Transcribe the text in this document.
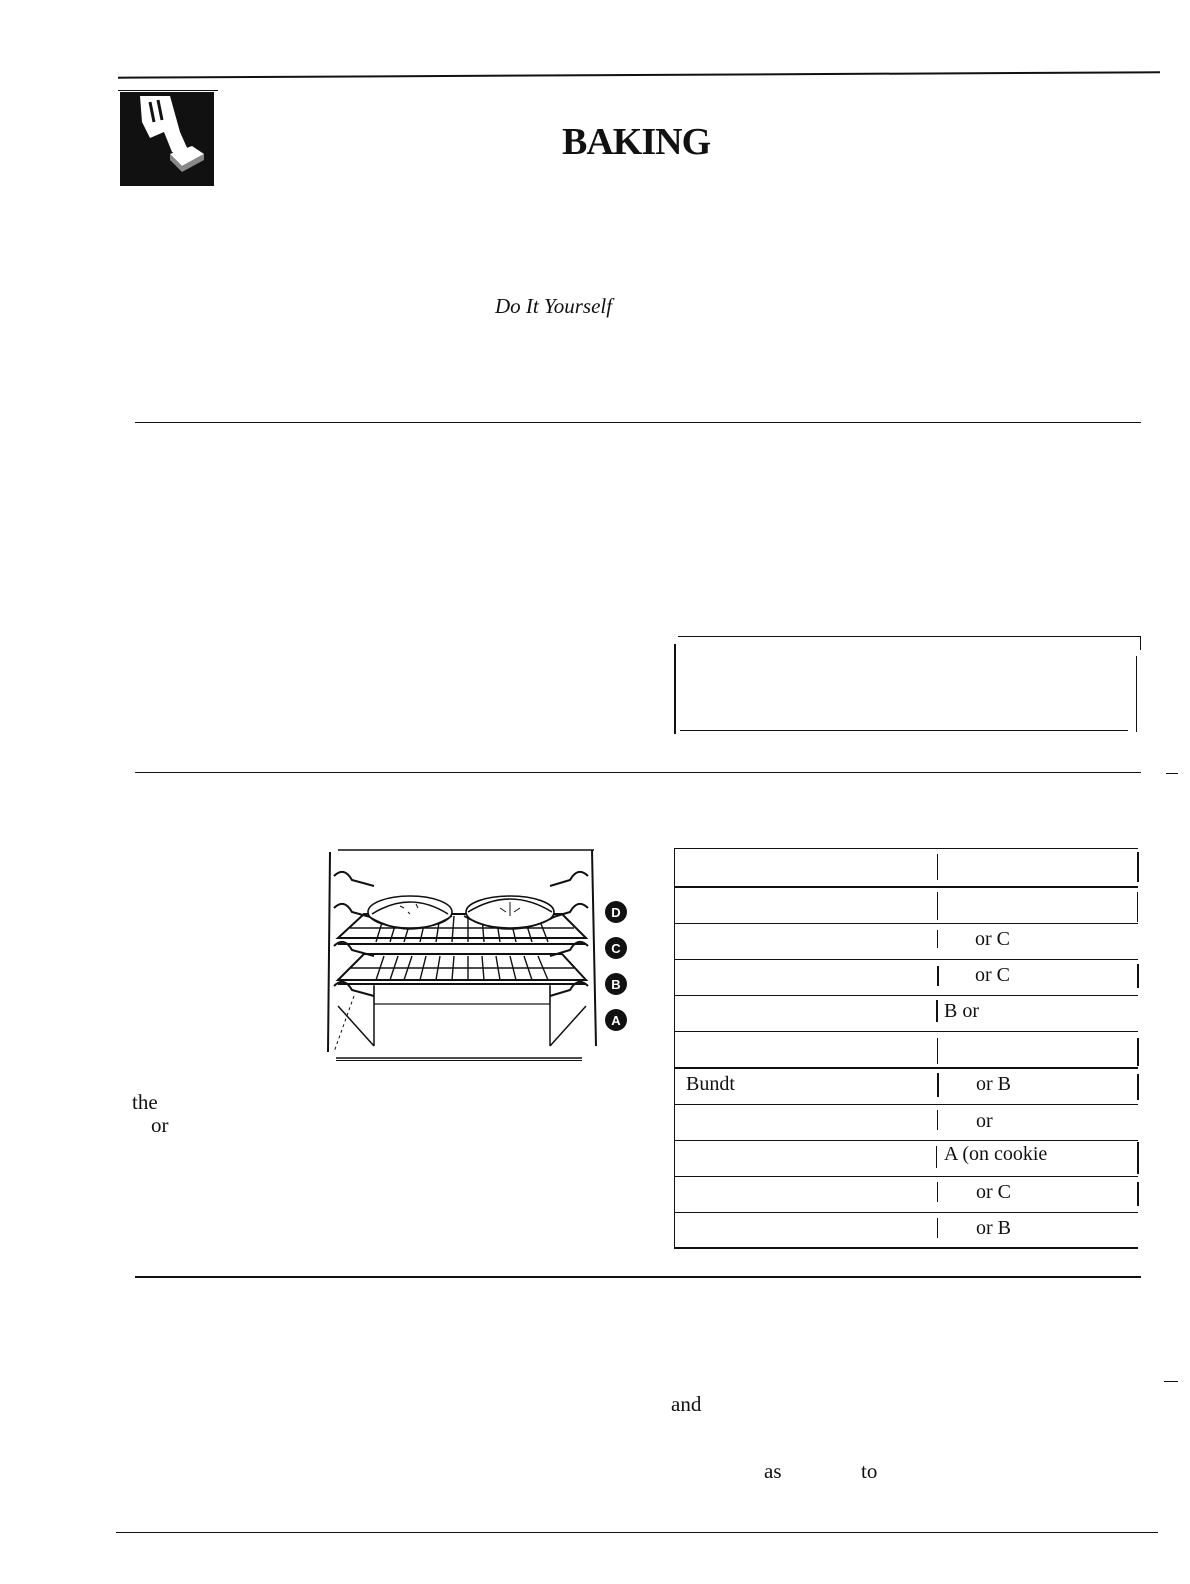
BAKING
Do It Yourself
D
C
B
A
the
or
Bundt
or C
or C
B or
or B
or
A (on cookie
or C
or B
and
as	to
